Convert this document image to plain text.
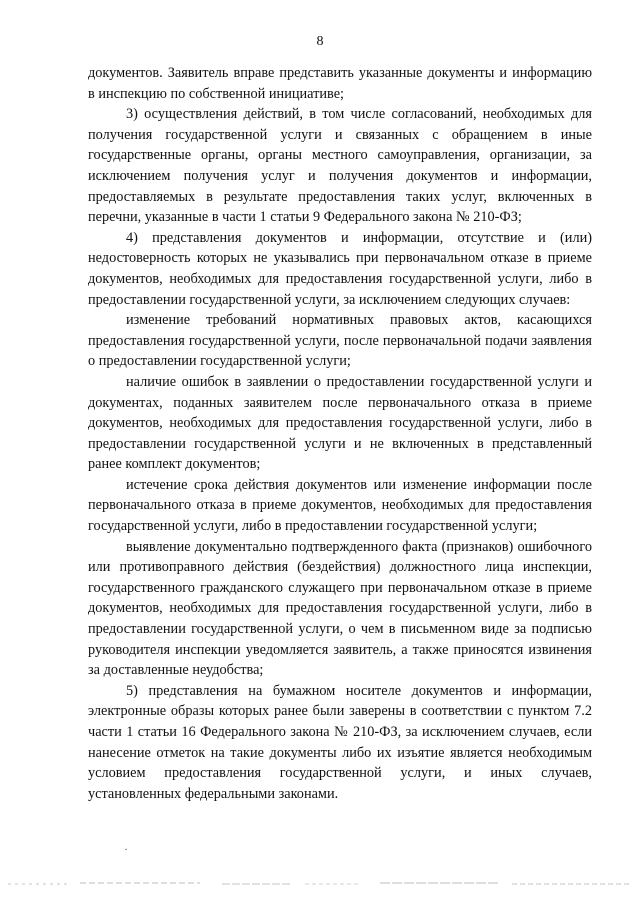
8

документов. Заявитель вправе представить указанные документы и информацию в инспекцию по собственной инициативе;

3) осуществления действий, в том числе согласований, необходимых для получения государственной услуги и связанных с обращением в иные государственные органы, органы местного самоуправления, организации, за исключением получения услуг и получения документов и информации, предоставляемых в результате предоставления таких услуг, включенных в перечни, указанные в части 1 статьи 9 Федерального закона № 210-ФЗ;

4) представления документов и информации, отсутствие и (или) недостоверность которых не указывались при первоначальном отказе в приеме документов, необходимых для предоставления государственной услуги, либо в предоставлении государственной услуги, за исключением следующих случаев:

изменение требований нормативных правовых актов, касающихся предоставления государственной услуги, после первоначальной подачи заявления о предоставлении государственной услуги;

наличие ошибок в заявлении о предоставлении государственной услуги и документах, поданных заявителем после первоначального отказа в приеме документов, необходимых для предоставления государственной услуги, либо в предоставлении государственной услуги и не включенных в представленный ранее комплект документов;

истечение срока действия документов или изменение информации после первоначального отказа в приеме документов, необходимых для предоставления государственной услуги, либо в предоставлении государственной услуги;

выявление документально подтвержденного факта (признаков) ошибочного или противоправного действия (бездействия) должностного лица инспекции, государственного гражданского служащего при первоначальном отказе в приеме документов, необходимых для предоставления государственной услуги, либо в предоставлении государственной услуги, о чем в письменном виде за подписью руководителя инспекции уведомляется заявитель, а также приносятся извинения за доставленные неудобства;

5) представления на бумажном носителе документов и информации, электронные образы которых ранее были заверены в соответствии с пунктом 7.2 части 1 статьи 16 Федерального закона № 210-ФЗ, за исключением случаев, если нанесение отметок на такие документы либо их изъятие является необходимым условием предоставления государственной услуги, и иных случаев, установленных федеральными законами.

·
